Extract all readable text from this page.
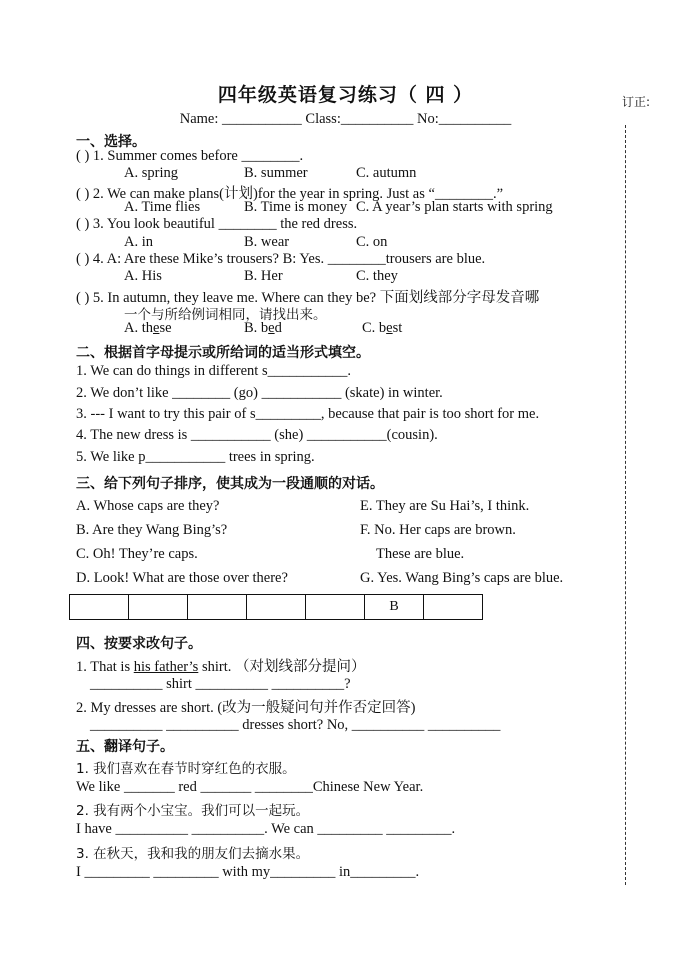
四年级英语复习练习（ 四 ）
Name: ___________ Class:__________ No:__________
订正:
一、选择。
( ) 1. Summer comes before ________.
A. spring	B. summer	C. autumn
( ) 2. We can make plans(计划)for the year in spring. Just as “________.”
A. Time flies	B. Time is money C. A year’s plan starts with spring
( ) 3. You look beautiful ________ the red dress.
A. in	B. wear	C. on
( ) 4. A: Are these Mike’s trousers? B: Yes. ________trousers are blue.
A. His	B. Her	C. they
( ) 5. In autumn, they leave me. Where can they be? 下面划线部分字母发音哪
一个与所给例词相同，请找出来。
A. these	B. bed	C. best
二、根据首字母提示或所给词的适当形式填空。
1. We can do things in different s___________.
2. We don’t like ________ (go) ___________ (skate) in winter.
3. --- I want to try this pair of s_________, because that pair is too short for me.
4. The new dress is ___________ (she) ___________(cousin).
5. We like p___________ trees in spring.
三、给下列句子排序，使其成为一段通顺的对话。
A. Whose caps are they?
B. Are they Wang Bing’s?
C. Oh! They’re caps.
D. Look! What are those over there?
E. They are Su Hai’s, I think.
F. No. Her caps are brown.
These are blue.
G. Yes. Wang Bing’s caps are blue.
					B	
四、按要求改句子。
1. That is his father’s shirt. （对划线部分提问）
__________ shirt __________ __________?
2. My dresses are short. (改为一般疑问句并作否定回答)
__________ __________ dresses short? No, __________ __________
五、翻译句子。
1. 我们喜欢在春节时穿红色的衣服。
We like _______ red _______ ________Chinese New Year.
2. 我有两个小宝宝。我们可以一起玩。
I have __________ __________. We can _________ _________.
3. 在秋天，我和我的朋友们去摘水果。
I _________ _________ with my_________ in_________.
